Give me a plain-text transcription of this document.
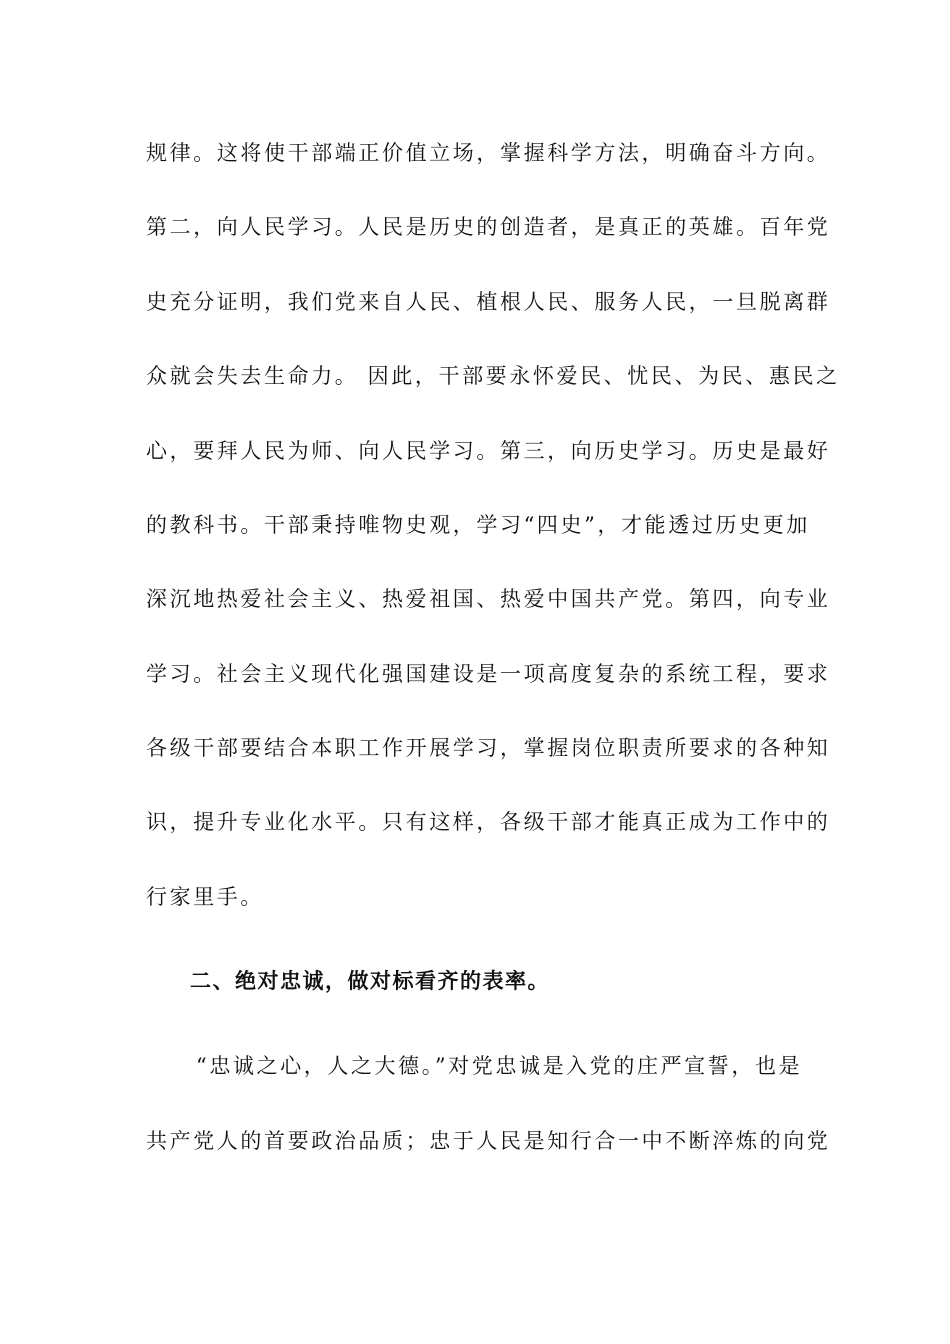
规律。这将使干部端正价值立场，掌握科学方法，明确奋斗方向。
第二，向人民学习。人民是历史的创造者，是真正的英雄。百年党
史充分证明，我们党来自人民、植根人民、服务人民，一旦脱离群
众就会失去生命力。 因此，干部要永怀爱民、忧民、为民、惠民之
心，要拜人民为师、向人民学习。第三，向历史学习。历史是最好
的教科书。干部秉持唯物史观，学习“四史”，才能透过历史更加
深沉地热爱社会主义、热爱祖国、热爱中国共产党。第四，向专业
学习。社会主义现代化强国建设是一项高度复杂的系统工程，要求
各级干部要结合本职工作开展学习，掌握岗位职责所要求的各种知
识，提升专业化水平。只有这样，各级干部才能真正成为工作中的
行家里手。
二、绝对忠诚，做对标看齐的表率。
“忠诚之心，人之大德。”对党忠诚是入党的庄严宣誓，也是
共产党人的首要政治品质；忠于人民是知行合一中不断淬炼的向党
